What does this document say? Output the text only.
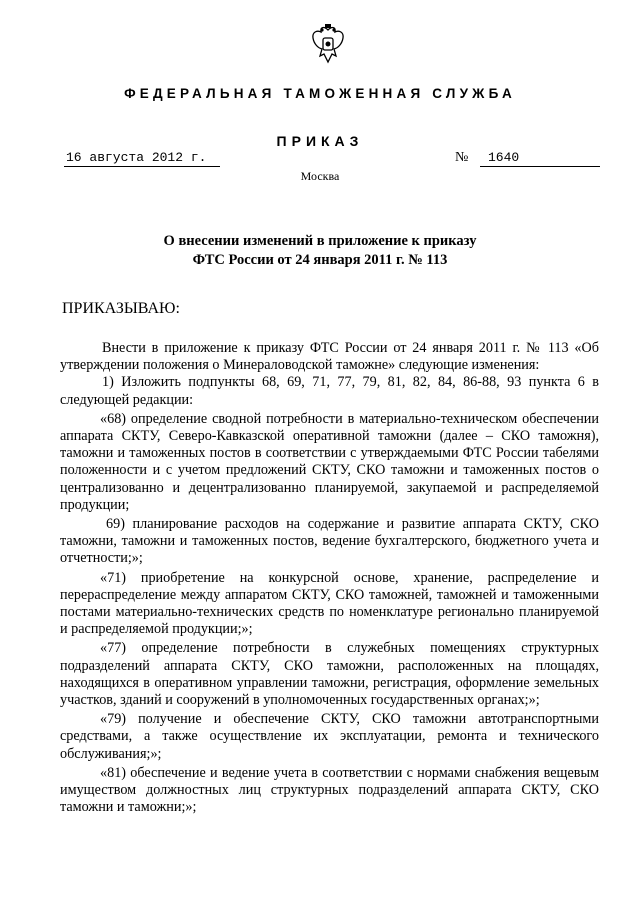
ФЕДЕРАЛЬНАЯ ТАМОЖЕННАЯ СЛУЖБА
ПРИКАЗ
16 августа 2012 г.	№	1640
Москва
О внесении изменений в приложение к приказу
ФТС России от 24 января 2011 г. № 113
ПРИКАЗЫВАЮ:

Внести в приложение к приказу ФТС России от 24 января 2011 г. № 113 «Об утверждении положения о Минераловодской таможне» следующие изменения:

1) Изложить подпункты 68, 69, 71, 77, 79, 81, 82, 84, 86-88, 93 пункта 6 в следующей редакции:

«68) определение сводной потребности в материально-техническом обеспечении аппарата СКТУ, Северо-Кавказской оперативной таможни (далее – СКО таможня), таможни и таможенных постов в соответствии с утверждаемыми ФТС России табелями положенности и с учетом предложений СКТУ, СКО таможни и таможенных постов о централизованно и децентрализованно планируемой, закупаемой и распределяемой продукции;

69) планирование расходов на содержание и развитие аппарата СКТУ, СКО таможни, таможни и таможенных постов, ведение бухгалтерского, бюджетного учета и отчетности;»;

«71) приобретение на конкурсной основе, хранение, распределение и перераспределение между аппаратом СКТУ, СКО таможней, таможней и таможенными постами материально-технических средств по номенклатуре регионально планируемой и распределяемой продукции;»;

«77) определение потребности в служебных помещениях структурных подразделений аппарата СКТУ, СКО таможни, расположенных на площадях, находящихся в оперативном управлении таможни, регистрация, оформление земельных участков, зданий и сооружений в уполномоченных государственных органах;»;

«79) получение и обеспечение СКТУ, СКО таможни автотранспортными средствами, а также осуществление их эксплуатации, ремонта и технического обслуживания;»;

«81) обеспечение и ведение учета в соответствии с нормами снабжения вещевым имуществом должностных лиц структурных подразделений аппарата СКТУ, СКО таможни и таможни;»;
